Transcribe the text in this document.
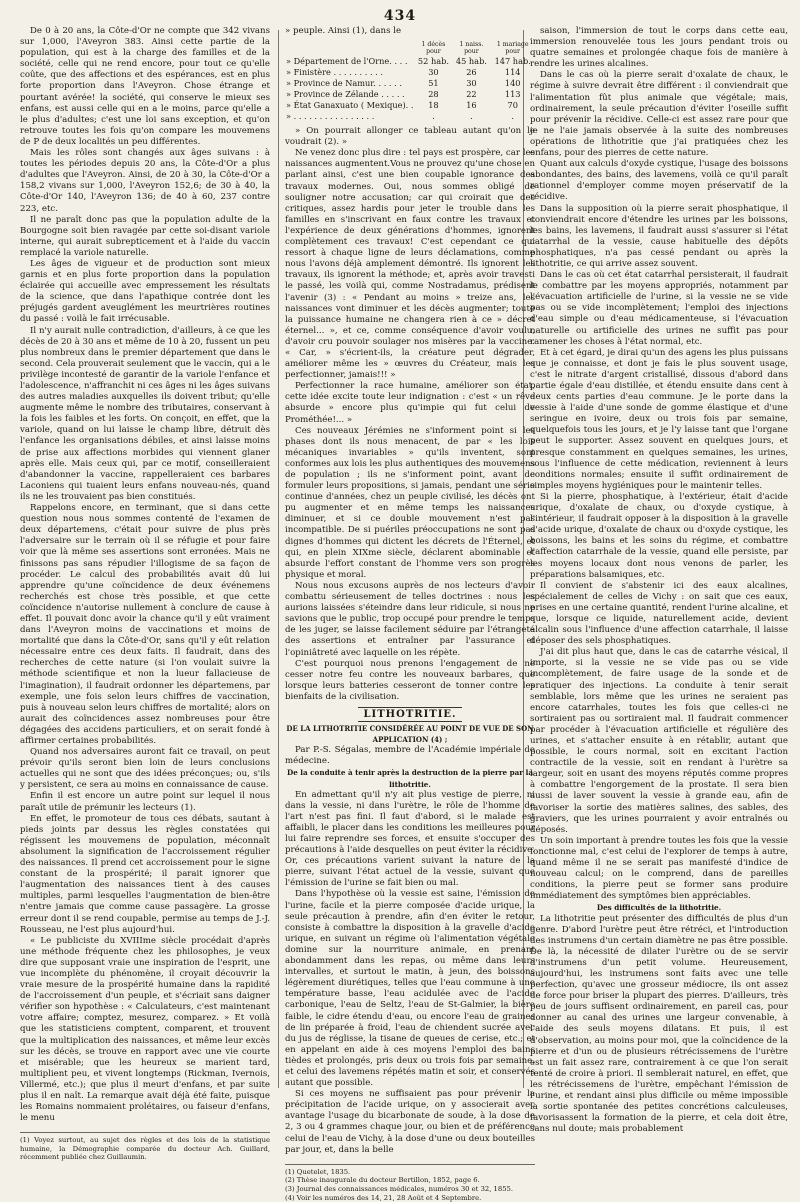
434

De 0 à 20 ans, la Côte-d'Or ne compte que 342 vivans sur 1,000, l'Aveyron 383. Ainsi cette partie de la population, qui est à la charge des familles et de la société, celle qui ne rend encore, pour tout ce qu'elle coûte, que des affections et des espérances, est en plus forte proportion dans l'Aveyron. Chose étrange et pourtant avérée! la société, qui conserve le mieux ses enfans, est aussi celle qui en a le moins, parce qu'elle a le plus d'adultes; c'est une loi sans exception, et qu'on retrouve toutes les fois qu'on compare les mouvemens de P de deux localités un peu différentes.

Mais les rôles sont changés aux âges suivans : à toutes les périodes depuis 20 ans, la Côte-d'Or a plus d'adultes que l'Aveyron. Ainsi, de 20 à 30, la Côte-d'Or a 158,2 vivans sur 1,000, l'Aveyron 152,6; de 30 à 40, la Côte-d'Or 140, l'Aveyron 136; de 40 à 60, 237 contre 223, etc.

Il ne paraît donc pas que la population adulte de la Bourgogne soit bien ravagée par cette soi-disant variole interne, qui aurait subrepticement et à l'aide du vaccin remplacé la variole naturelle.

Les âges de vigueur et de production sont mieux garnis et en plus forte proportion dans la population éclairée qui accueille avec empressement les résultats de la science, que dans l'apathique contrée dont les préjugés gardent aveuglément les meurtrières routines du passé : voilà le fait irrécusable.

Il n'y aurait nulle contradiction, d'ailleurs, à ce que les décès de 20 à 30 ans et même de 10 à 20, fussent un peu plus nombreux dans le premier département que dans le second. Cela prouverait seulement que le vaccin, qui a le privilège incontesté de garantir de la variole l'enfance et l'adolescence, n'affranchit ni ces âges ni les âges suivans des autres maladies auxquelles ils doivent tribut; qu'elle augmente même le nombre des tributaires, conservant à la fois les faibles et les forts. On conçoit, en effet, que la variole, quand on lui laisse le champ libre, détruit dès l'enfance les organisations débiles, et ainsi laisse moins de prise aux affections morbides qui viennent glaner après elle. Mais ceux qui, par ce motif, conseilleraient d'abandonner la vaccine, rappelleraient ces barbares Laconiens qui tuaient leurs enfans nouveau-nés, quand ils ne les trouvaient pas bien constitués.

Rappelons encore, en terminant, que si dans cette question nous nous sommes contenté de l'examen de deux départemens, c'était pour suivre de plus près l'adversaire sur le terrain où il se réfugie et pour faire voir que là même ses assertions sont erronées. Mais ne finissons pas sans répudier l'illogisme de sa façon de procéder. Le calcul des probabilités avait dû lui apprendre qu'une coïncidence de deux événemens recherchés est chose très possible, et que cette coïncidence n'autorise nullement à conclure de cause à effet. Il pouvait donc avoir la chance qu'il y eût vraiment dans l'Aveyron moins de vaccinations et moins de mortalité que dans la Côte-d'Or, sans qu'il y eût relation nécessaire entre ces deux faits. Il faudrait, dans des recherches de cette nature (si l'on voulait suivre la méthode scientifique et non la lueur fallacieuse de l'imagination), il faudrait ordonner les départemens, par exemple, une fois selon leurs chiffres de vaccination, puis à nouveau selon leurs chiffres de mortalité; alors on aurait des coïncidences assez nombreuses pour être dégagées des accidens particuliers, et on serait fondé à affirmer certaines probabilités.

Quand nos adversaires auront fait ce travail, on peut prévoir qu'ils seront bien loin de leurs conclusions actuelles qui ne sont que des idées préconçues; ou, s'ils y persistent, ce sera au moins en connaissance de cause.

Enfin il est encore un autre point sur lequel il nous paraît utile de prémunir les lecteurs (1).

En effet, le promoteur de tous ces débats, sautant à pieds joints par dessus les règles constatées qui régissent les mouvemens de population, méconnaît absolument la signification de l'accroissement régulier des naissances. Il prend cet accroissement pour le signe constant de la prospérité; il parait ignorer que l'augmentation des naissances tient à des causes multiples, parmi lesquelles l'augmentation de bien-être n'entre jamais que comme cause passagère. La grosse erreur dont il se rend coupable, permise au temps de J.-J. Rousseau, ne l'est plus aujourd'hui.

« Le publiciste du XVIIIme siècle procédait d'après une méthode fréquente chez les philosophes, je veux dire que supposant vraie une inspiration de l'esprit, une vue incomplète du phénomène, il croyait découvrir la vraie mesure de la prospérité humaine dans la rapidité de l'accroissement d'un peuple, et s'écriait sans daigner vérifier son hypothèse : « Calculateurs, c'est maintenant votre affaire; comptez, mesurez, comparez. » Et voilà que les statisticiens comptent, comparent, et trouvent que la multiplication des naissances, et même leur excès sur les décès, se trouve en rapport avec une vie courte et misérable; que les heureux se marient tard, multiplient peu, et vivent longtemps (Rickman, Ivernois, Villermé, etc.); que plus il meurt d'enfans, et par suite plus il en naît. La remarque avait déjà été faite, puisque les Romains nommaient prolétaires, ou faiseur d'enfans, le menu

(1) Voyez surtout, au sujet des règles et des lois de la statistique humaine, la Démographie comparée du docteur Ach. Guillard, récemment publiée chez Guillaumin.

» peuple. Ainsi (1), dans le

	1 décès pour	1 naiss. pour	1 mariage pour
» Département de l'Orne. . . .	52 hab.	45 hab.	147 hab.
» Finistère . . . . . . . . . .	30	26	114
» Province de Namur. . . . . .	51	30	140
» Province de Zélande . . . . .	28	22	113
» État Ganaxuato ( Mexique). .	18	16	70
» . . . . . . . . . . . . . . . .	.	.	.

» On pourrait allonger ce tableau autant qu'on le voudrait (2). »

Ne venez donc plus dire : tel pays est prospère, car les naissances augmentent.Vous ne prouvez qu'une chose en parlant ainsi, c'est une bien coupable ignorance des travaux modernes. Oui, nous sommes obligé de souligner notre accusation; car qui croirait que des critiques, assez hardis pour jeter le trouble dans les familles en s'inscrivant en faux contre les travaux et l'expérience de deux générations d'hommes, ignorent complètement ces travaux! C'est cependant ce qui ressort à chaque ligne de leurs déclamations, comme nous l'avons déjà amplement démontré. Ils ignorent les travaux, ils ignorent la méthode; et, après avoir travesti le passé, les voilà qui, comme Nostradamus, prédisent l'avenir (3) : « Pendant au moins » treize ans, les naissances vont diminuer et les décès augmenter; toute la puissance humaine ne changera rien à ce » décret éternel... », et ce, comme conséquence d'avoir voulu, d'avoir cru pouvoir soulager nos misères par la vaccine. « Car, » s'écrient-ils, la créature peut dégrader, améliorer même les » œuvres du Créateur, mais les perfectionner, jamais!!! »

Perfectionner la race humaine, améliorer son état, cette idée excite toute leur indignation : c'est « un rêve absurde » encore plus qu'impie qui fut celui de Prométhée!... »

Ces nouveaux Jérémies ne s'informent point si les phases dont ils nous menacent, de par « les lois mécaniques invariables » qu'ils inventent, sont conformes aux lois les plus authentiques des mouvemens de population ; ils ne s'informent point, avant de formuler leurs propositions, si jamais, pendant une série continue d'années, chez un peuple civilisé, les décès ont pu augmenter et en même temps les naissances diminuer, et si ce double mouvement n'est pas incompatible. De si puériles préoccupations ne sont pas dignes d'hommes qui dictent les décrets de l'Éternel, et qui, en plein XIXme siècle, déclarent abominable et absurde l'effort constant de l'homme vers son progrès physique et moral.

Nous nous excusons auprès de nos lecteurs d'avoir combattu sérieusement de telles doctrines : nous les aurions laissées s'éteindre dans leur ridicule, si nous ne savions que le public, trop occupé pour prendre le temps de les juger, se laisse facilement séduire par l'étrangeté des assertions et entraîner par l'assurance et l'opiniâtreté avec laquelle on les répète.

C'est pourquoi nous prenons l'engagement de ne cesser notre feu contre les nouveaux barbares, que lorsque leurs batteries cesseront de tonner contre les bienfaits de la civilisation.

LITHOTRITIE.

DE LA LITHOTRITIE CONSIDÉRÉE AU POINT DE VUE DE SON APPLICATION (4) ;

Par P.-S. Ségalas, membre de l'Académie impériale de médecine.

De la conduite à tenir après la destruction de la pierre par la lithotritie.

En admettant qu'il n'y ait plus vestige de pierre, ni dans la vessie, ni dans l'urètre, le rôle de l'homme de l'art n'est pas fini. Il faut d'abord, si le malade est affaibli, le placer dans les conditions les meilleures pour lui faire reprendre ses forces, et ensuite s'occuper des précautions à l'aide desquelles on peut éviter la récidive. Or, ces précautions varient suivant la nature de la pierre, suivant l'état actuel de la vessie, suivant que l'émission de l'urine se fait bien ou mal.

Dans l'hypothèse où la vessie est saine, l'émission de l'urine, facile et la pierre composée d'acide urique, la seule précaution à prendre, afin d'en éviter le retour, consiste à combattre la disposition à la gravelle d'acide urique, en suivant un régime où l'alimentation végétale domine sur la nourriture animale, en prenant abondamment dans les repas, ou même dans leurs intervalles, et surtout le matin, à jeun, des boissons légèrement diurétiques, telles que l'eau commune à une température basse, l'eau acidulée avec de l'acide carbonique, l'eau de Seltz, l'eau de St-Galmier, la bière faible, le cidre étendu d'eau, ou encore l'eau de graines de lin préparée à froid, l'eau de chiendent sucrée avec du jus de réglisse, la tisane de queues de cerise, etc.; et en appelant en aide à ces moyens l'emploi des bains tièdes et prolongés, pris deux ou trois fois par semaine, et celui des lavemens répétés matin et soir, et conservés autant que possible.

Si ces moyens ne suffisaient pas pour prévenir la précipitation de l'acide urique, on y associerait avec avantage l'usage du bicarbonate de soude, à la dose de 2, 3 ou 4 grammes chaque jour, ou bien et de préférence celui de l'eau de Vichy, à la dose d'une ou deux bouteilles par jour, et, dans la belle

(1) Quetelet, 1835.

(2) Thèse inaugurale du docteur Bertillon, 1852, page 6.

(3) Journal des connaissances médicales, numéros 30 et 32, 1855.

(4) Voir les numéros des 14, 21, 28 Août et 4 Septembre.

saison, l'immersion de tout le corps dans cette eau, immersion renouvelée tous les jours pendant trois ou quatre semaines et prolongée chaque fois de manière à rendre les urines alcalines.

Dans le cas où la pierre serait d'oxalate de chaux, le régime à suivre devrait être différent : il conviendrait que l'alimentation fût plus animale que végétale; mais, ordinairement, la seule précaution d'éviter l'oseille suffit pour prévenir la récidive. Celle-ci est assez rare pour que je ne l'aie jamais observée à la suite des nombreuses opérations de lithotritie que j'ai pratiquées chez les enfans, pour des pierres de cette nature.

Quant aux calculs d'oxyde cystique, l'usage des boissons abondantes, des bains, des lavemens, voilà ce qu'il paraît rationnel d'employer comme moyen préservatif de la récidive.

Dans la supposition où la pierre serait phosphatique, il conviendrait encore d'étendre les urines par les boissons, les bains, les lavemens, il faudrait aussi s'assurer si l'état catarrhal de la vessie, cause habituelle des dépôts phosphatiques, n'a pas cessé pendant ou après la lithotritie, ce qui arrive assez souvent.

Dans le cas où cet état catarrhal persisterait, il faudrait le combattre par les moyens appropriés, notamment par l'évacuation artificielle de l'urine, si la vessie ne se vide pas ou se vide incomplètement; l'emploi des injections d'eau simple ou d'eau médicamenteuse, si l'évacuation naturelle ou artificielle des urines ne suffit pas pour ramener les choses à l'état normal, etc.

Et à cet égard, je dirai qu'un des agens les plus puissans que je connaisse, et dont je fais le plus souvent usage, c'est le nitrate d'argent cristallisé, dissous d'abord dans partie égale d'eau distillée, et étendu ensuite dans cent à deux cents parties d'eau commune. Je le porte dans la vessie à l'aide d'une sonde de gomme élastique et d'une seringue en ivoire, deux ou trois fois par semaine, quelquefois tous les jours, et je l'y laisse tant que l'organe peut le supporter. Assez souvent en quelques jours, et presque constamment en quelques semaines, les urines, sous l'influence de cette médication, reviennent à leurs conditions normales; ensuite il suffit ordinairement de simples moyens hygiéniques pour le maintenir telles.

Si la pierre, phosphatique, à l'extérieur, était d'acide urique, d'oxalate de chaux, ou d'oxyde cystique, à l'intérieur, il faudrait opposer à la disposition à la gravelle d'acide urique, d'oxalate de chaux ou d'oxyde cystique, les boissons, les bains et les soins du régime, et combattre l'affection catarrhale de la vessie, quand elle persiste, par les moyens locaux dont nous venons de parler, les préparations balsamiques, etc.

Il convient de s'abstenir ici des eaux alcalines, spécialement de celles de Vichy : on sait que ces eaux, prises en une certaine quantité, rendent l'urine alcaline, et que, lorsque ce liquide, naturellement acide, devient alcalin sous l'influence d'une affection catarrhale, il laisse déposer des sels phosphatiques.

J'ai dit plus haut que, dans le cas de catarrhe vésical, il importe, si la vessie ne se vide pas ou se vide incomplètement, de faire usage de la sonde et de pratiquer des injections. La conduite à tenir serait semblable, lors même que les urines ne seraient pas encore catarrhales, toutes les fois que celles-ci ne sortiraient pas ou sortiraient mal. Il faudrait commencer par procéder à l'évacuation artificielle et régulière des urines, et s'attacher ensuite à en rétablir, autant que possible, le cours normal, soit en excitant l'action contractile de la vessie, soit en rendant à l'urètre sa largeur, soit en usant des moyens réputés comme propres à combattre l'engorgement de la prostate. Il sera bien aussi de laver souvent la vessie à grande eau, afin de favoriser la sortie des matières salines, des sables, des graviers, que les urines pourraient y avoir entraînés ou déposés.

Un soin important à prendre toutes les fois que la vessie fonctionne mal, c'est celui de l'explorer de temps à autre, quand même il ne se serait pas manifesté d'indice de nouveau calcul; on le comprend, dans de pareilles conditions, la pierre peut se former sans produire immédiatement des symptômes bien appréciables.

Des difficultés de la lithotritie.

La lithotritie peut présenter des difficultés de plus d'un genre. D'abord l'urètre peut être rétréci, et l'introduction des instrumens d'un certain diamètre ne pas être possible. De là, la nécessité de dilater l'urètre ou de se servir d'instrumens d'un petit volume. Heureusement, aujourd'hui, les instrumens sont faits avec une telle perfection, qu'avec une grosseur médiocre, ils ont assez de force pour briser la plupart des pierres. D'ailleurs, très peu de jours suffisent ordinairement, en pareil cas, pour donner au canal des urines une largeur convenable, à l'aide des seuls moyens dilatans. Et puis, il est d'observation, au moins pour moi, que la coïncidence de la pierre et d'un ou de plusieurs rétrécissemens de l'urètre est un fait assez rare, contrairement à ce que l'on serait tenté de croire à priori. Il semblerait naturel, en effet, que les rétrécissemens de l'urètre, empêchant l'émission de l'urine, et rendant ainsi plus difficile ou même impossible la sortie spontanée des petites concrétions calculeuses, favorisassent la formation de la pierre, et cela doit être, sans nul doute; mais probablement
